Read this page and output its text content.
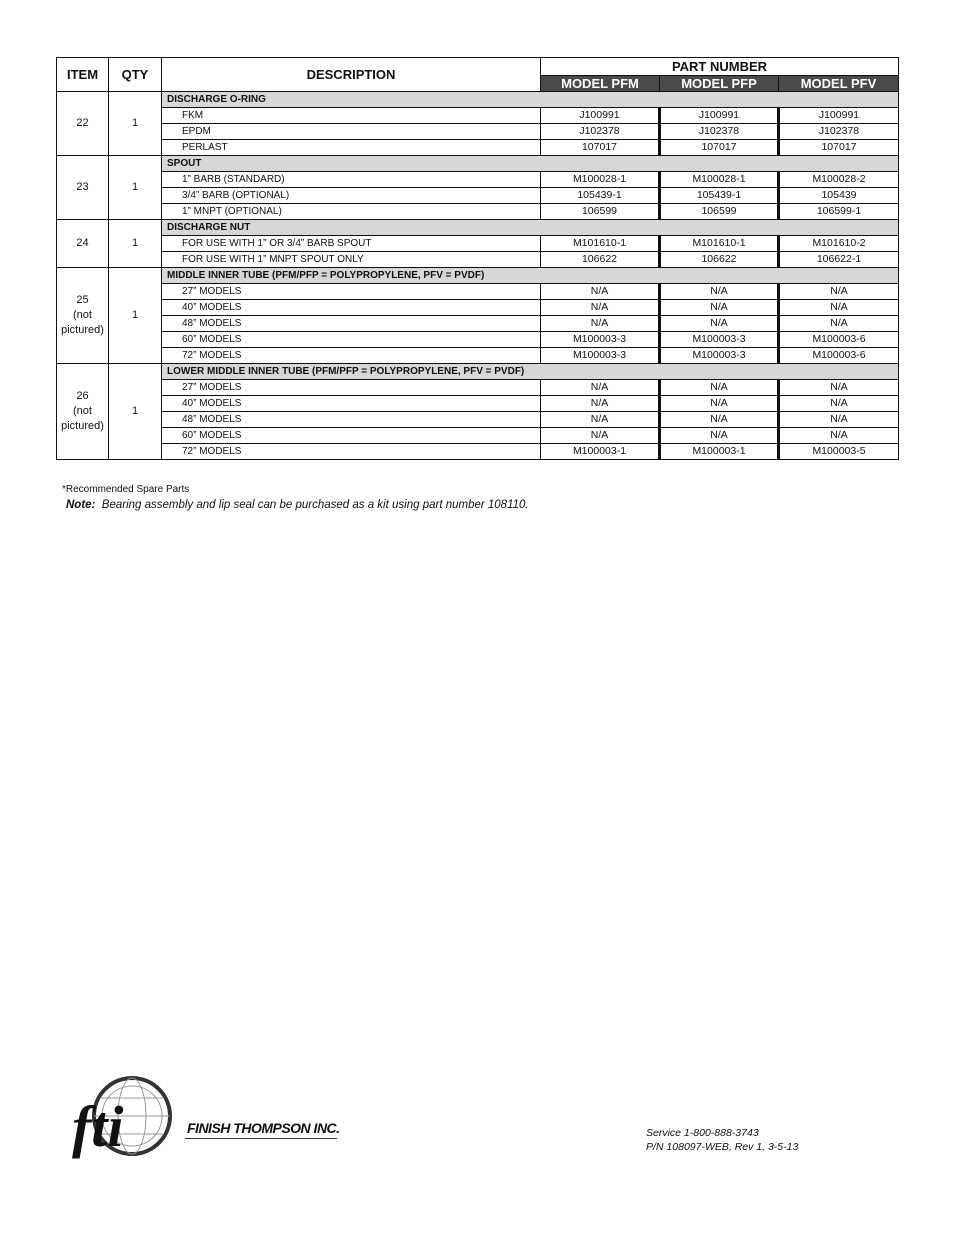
ITEM	QTY	DESCRIPTION	PART NUMBER		
			MODEL PFM	MODEL PFP	MODEL PFV

22	1	DISCHARGE O-RING			
		FKM	J100991	J100991	J100991
		EPDM	J102378	J102378	J102378
		PERLAST	107017	107017	107017

23	1	SPOUT			
		1” BARB (STANDARD)	M100028-1	M100028-1	M100028-2
		3/4” BARB (OPTIONAL)	105439-1	105439-1	105439
		1” MNPT (OPTIONAL)	106599	106599	106599-1

24	1	DISCHARGE NUT			
		FOR USE WITH 1” OR 3/4” BARB SPOUT	M101610-1	M101610-1	M101610-2
		FOR USE WITH 1” MNPT SPOUT ONLY	106622	106622	106622-1

25
(not
pictured)	1	MIDDLE INNER TUBE (PFM/PFP = POLYPROPYLENE, PFV = PVDF)			
		27” MODELS	N/A	N/A	N/A
		40” MODELS	N/A	N/A	N/A
		48” MODELS	N/A	N/A	N/A
		60” MODELS	M100003-3	M100003-3	M100003-6
		72” MODELS	M100003-3	M100003-3	M100003-6

26
(not
pictured)	1	LOWER MIDDLE INNER TUBE (PFM/PFP = POLYPROPYLENE, PFV = PVDF)			
		27” MODELS	N/A	N/A	N/A
		40” MODELS	N/A	N/A	N/A
		48” MODELS	N/A	N/A	N/A
		60” MODELS	N/A	N/A	N/A
		72” MODELS	M100003-1	M100003-1	M100003-5
*Recommended Spare Parts
Note: Bearing assembly and lip seal can be purchased as a kit using part number 108110.
fti	FINISH THOMPSON INC.	Service 1-800-888-3743
P/N 108097-WEB, Rev 1, 3-5-13
